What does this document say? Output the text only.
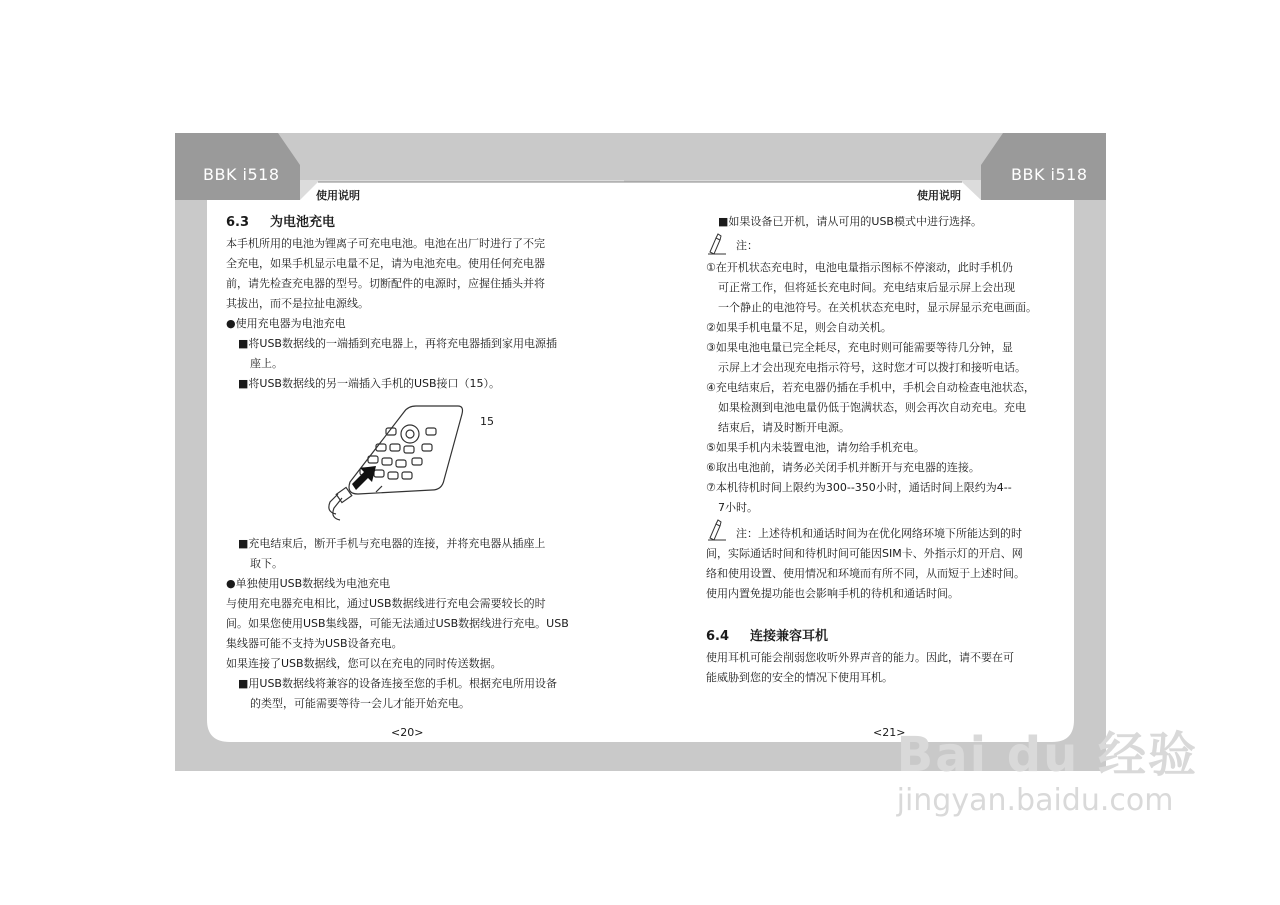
BBK i518
使用说明
BBK i518
使用说明

6.3 为电池充电

本手机所用的电池为锂离子可充电电池。电池在出厂时进行了不完

全充电，如果手机显示电量不足，请为电池充电。使用任何充电器

前，请先检查充电器的型号。切断配件的电源时，应握住插头并将

其拔出，而不是拉扯电源线。

●使用充电器为电池充电

■将USB数据线的一端插到充电器上，再将充电器插到家用电源插

座上。

■将USB数据线的另一端插入手机的USB接口（15）。

15

■充电结束后，断开手机与充电器的连接，并将充电器从插座上

取下。

●单独使用USB数据线为电池充电

与使用充电器充电相比，通过USB数据线进行充电会需要较长的时

间。如果您使用USB集线器，可能无法通过USB数据线进行充电。USB

集线器可能不支持为USB设备充电。

如果连接了USB数据线，您可以在充电的同时传送数据。

■用USB数据线将兼容的设备连接至您的手机。根据充电所用设备

的类型，可能需要等待一会儿才能开始充电。

<20>

■如果设备已开机，请从可用的USB模式中进行选择。

注：

①在开机状态充电时，电池电量指示图标不停滚动，此时手机仍

可正常工作，但将延长充电时间。充电结束后显示屏上会出现

一个静止的电池符号。在关机状态充电时，显示屏显示充电画面。

②如果手机电量不足，则会自动关机。

③如果电池电量已完全耗尽，充电时则可能需要等待几分钟，显

示屏上才会出现充电指示符号，这时您才可以拨打和接听电话。

④充电结束后，若充电器仍插在手机中，手机会自动检查电池状态，

如果检测到电池电量仍低于饱满状态，则会再次自动充电。充电

结束后，请及时断开电源。

⑤如果手机内未装置电池，请勿给手机充电。

⑥取出电池前，请务必关闭手机并断开与充电器的连接。

⑦本机待机时间上限约为300--350小时，通话时间上限约为4--

7小时。

注：上述待机和通话时间为在优化网络环境下所能达到的时

间，实际通话时间和待机时间可能因SIM卡、外指示灯的开启、网

络和使用设置、使用情况和环境而有所不同，从而短于上述时间。

使用内置免提功能也会影响手机的待机和通话时间。

6.4 连接兼容耳机

使用耳机可能会削弱您收听外界声音的能力。因此，请不要在可

能威胁到您的安全的情况下使用耳机。

<21>
Bai du 经验
jingyan.baidu.com
